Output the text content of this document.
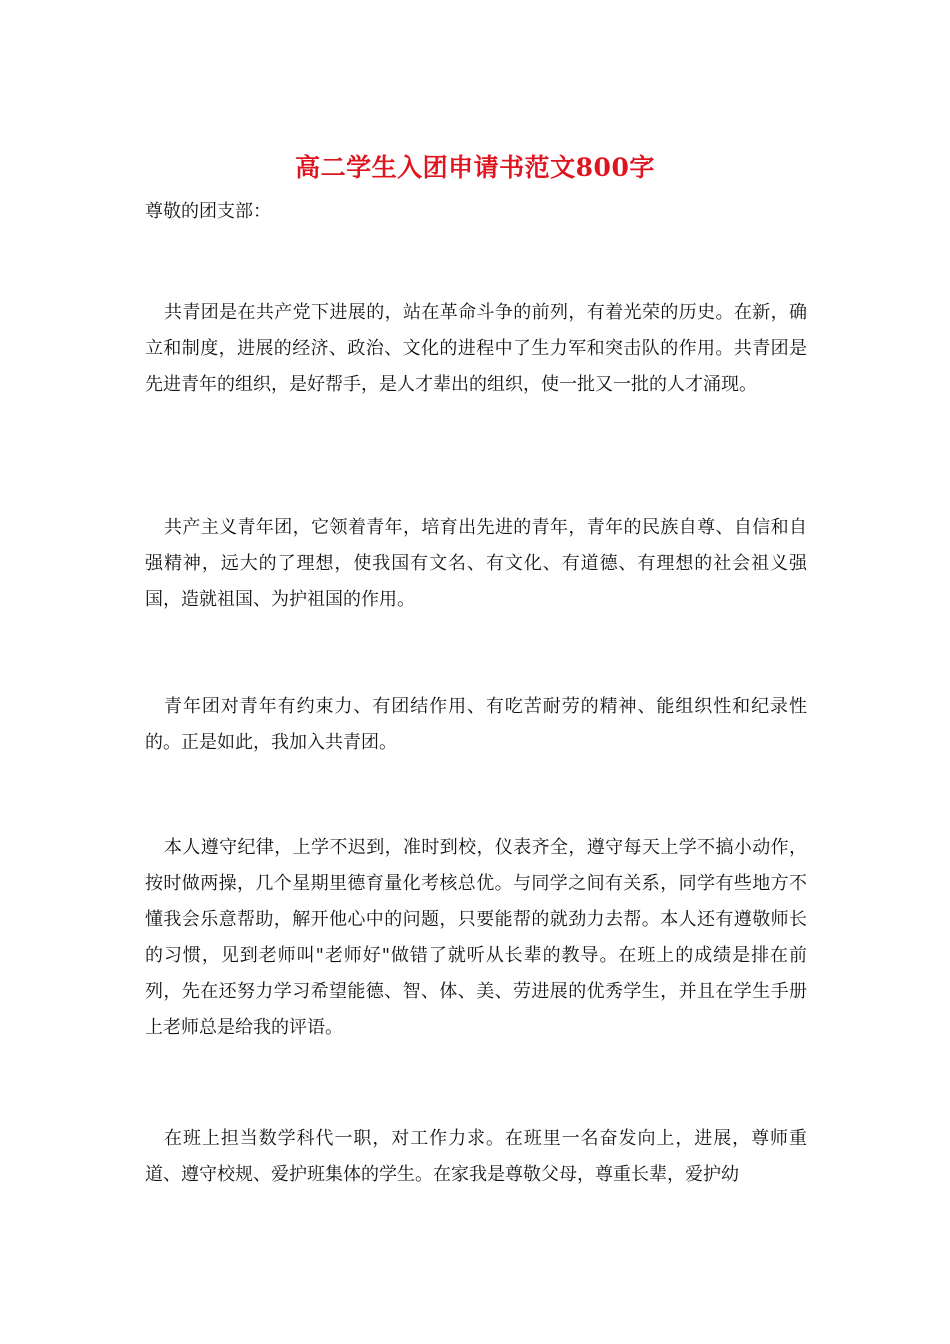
高二学生入团申请书范文800字
尊敬的团支部：

共青团是在共产党下进展的，站在革命斗争的前列，有着光荣的历史。在新，确立和制度，进展的经济、政治、文化的进程中了生力军和突击队的作用。共青团是先进青年的组织，是好帮手，是人才辈出的组织，使一批又一批的人才涌现。

共产主义青年团，它领着青年，培育出先进的青年，青年的民族自尊、自信和自强精神，远大的了理想，使我国有文名、有文化、有道德、有理想的社会祖义强国，造就祖国、为护祖国的作用。

青年团对青年有约束力、有团结作用、有吃苦耐劳的精神、能组织性和纪录性的。正是如此，我加入共青团。

本人遵守纪律，上学不迟到，准时到校，仪表齐全，遵守每天上学不搞小动作，按时做两操，几个星期里德育量化考核总优。与同学之间有关系，同学有些地方不懂我会乐意帮助，解开他心中的问题，只要能帮的就劲力去帮。本人还有遵敬师长的习惯，见到老师叫"老师好"做错了就听从长辈的教导。在班上的成绩是排在前列，先在还努力学习希望能德、智、体、美、劳进展的优秀学生，并且在学生手册上老师总是给我的评语。

在班上担当数学科代一职，对工作力求。在班里一名奋发向上，进展，尊师重道、遵守校规、爱护班集体的学生。在家我是尊敬父母，尊重长辈，爱护幼
